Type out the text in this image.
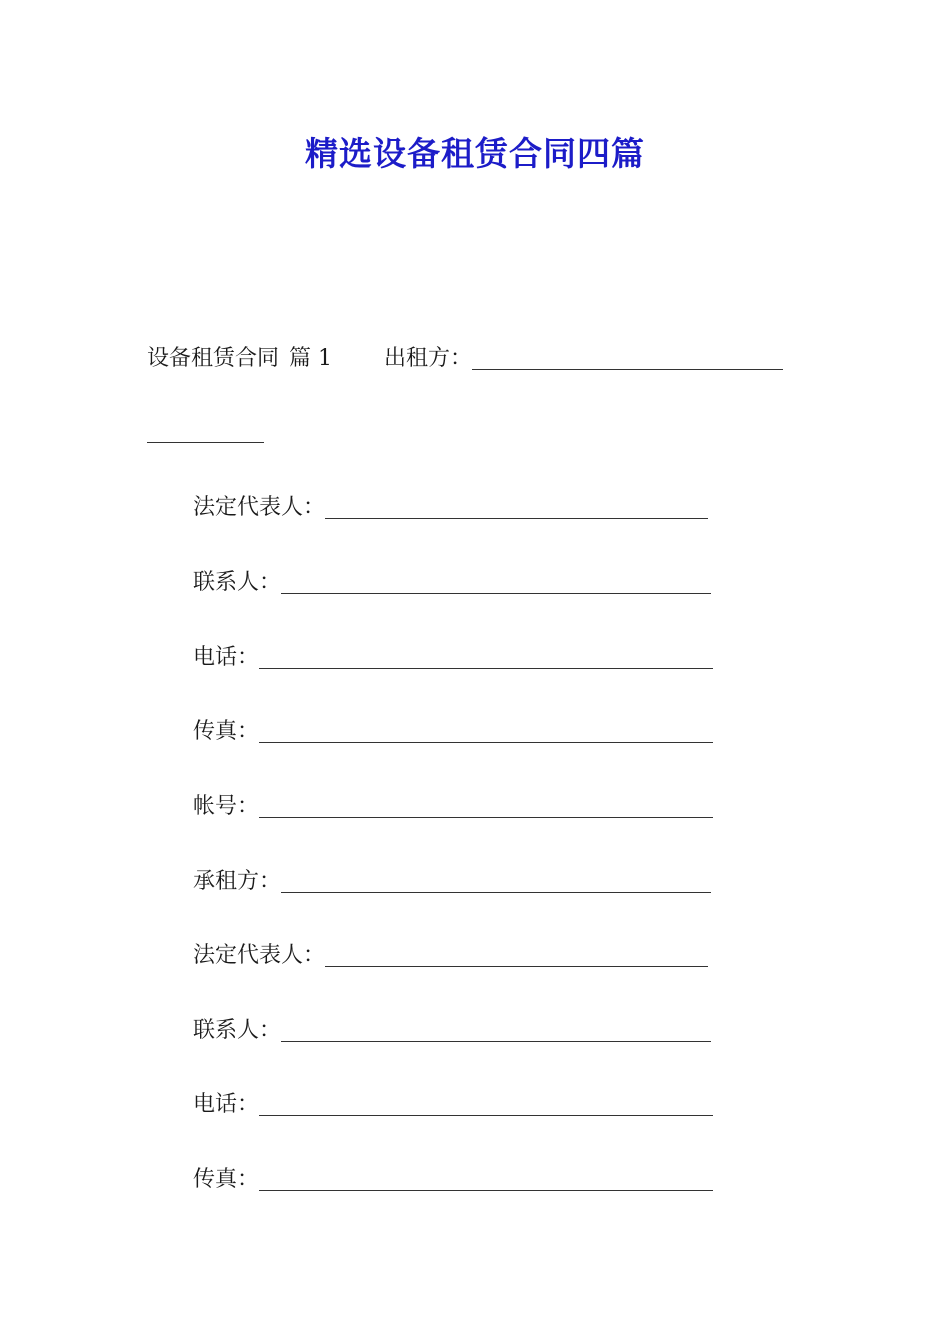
精选设备租赁合同四篇
设备租赁合同 篇 1 出租方：
法定代表人：
联系人：
电话：
传真：
帐号：
承租方：
法定代表人：
联系人：
电话：
传真：
